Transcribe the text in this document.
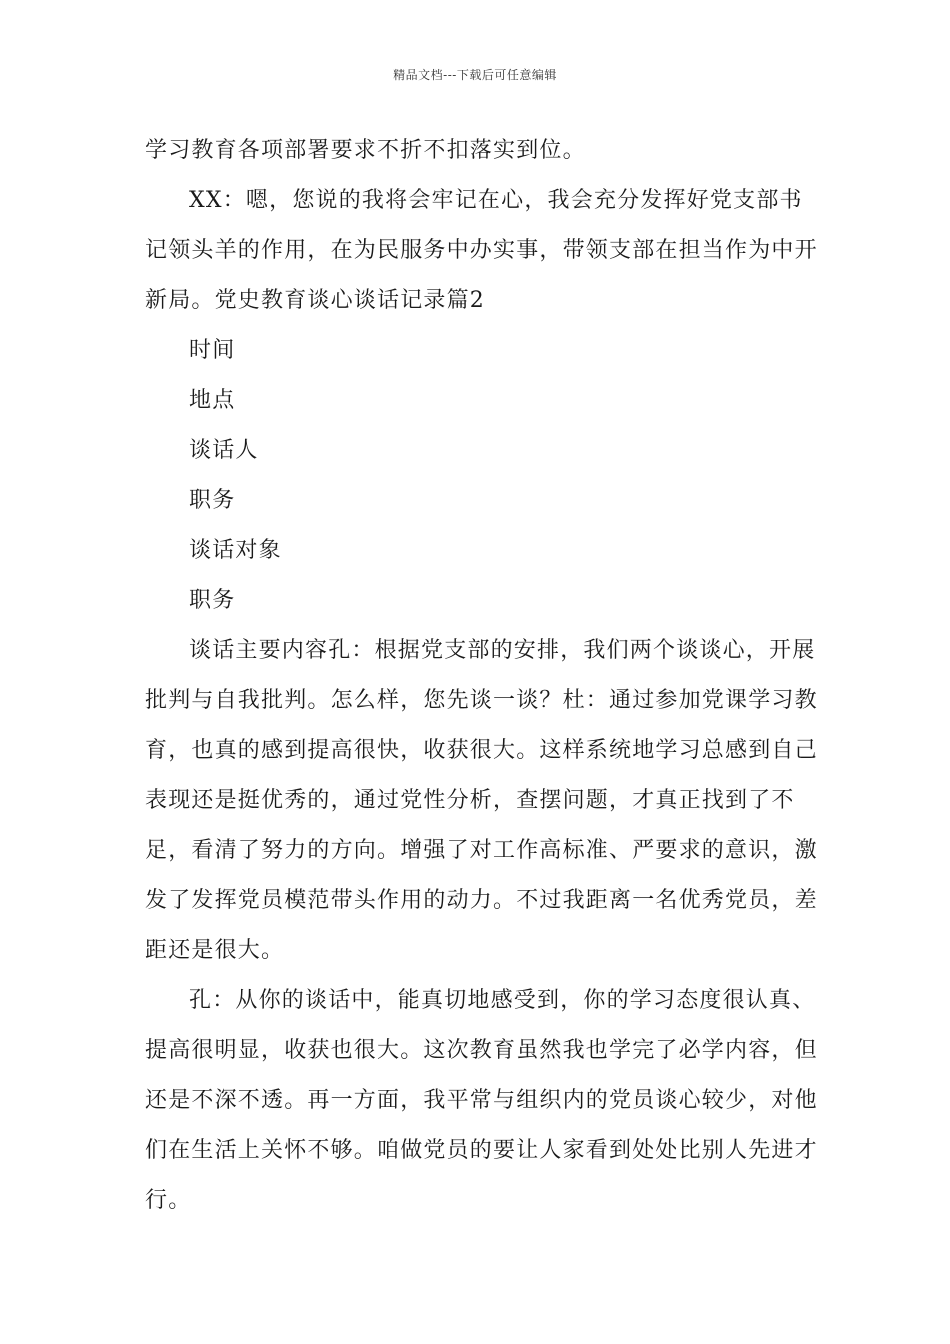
精品文档---下载后可任意编辑

学习教育各项部署要求不折不扣落实到位。

XX：嗯，您说的我将会牢记在心，我会充分发挥好党支部书记领头羊的作用，在为民服务中办实事，带领支部在担当作为中开新局。党史教育谈心谈话记录篇2

时间

地点

谈话人

职务

谈话对象

职务

谈话主要内容孔：根据党支部的安排，我们两个谈谈心，开展批判与自我批判。怎么样，您先谈一谈？杜：通过参加党课学习教育，也真的感到提高很快，收获很大。这样系统地学习总感到自己表现还是挺优秀的，通过党性分析，查摆问题，才真正找到了不足，看清了努力的方向。增强了对工作高标准、严要求的意识，激发了发挥党员模范带头作用的动力。不过我距离一名优秀党员，差距还是很大。

孔：从你的谈话中，能真切地感受到，你的学习态度很认真、提高很明显，收获也很大。这次教育虽然我也学完了必学内容，但还是不深不透。再一方面，我平常与组织内的党员谈心较少，对他们在生活上关怀不够。咱做党员的要让人家看到处处比别人先进才行。
